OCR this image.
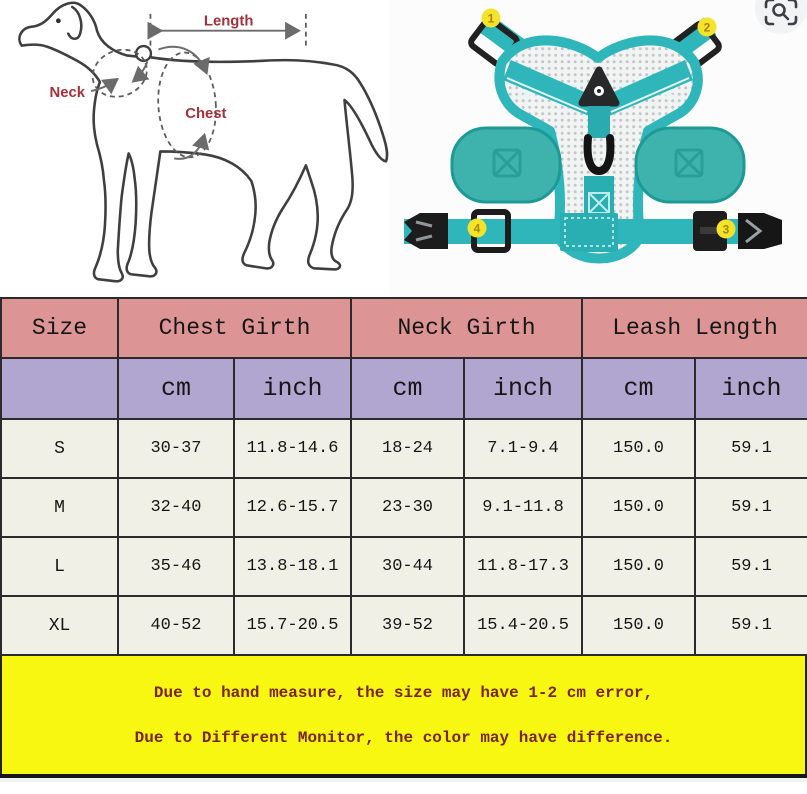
Length
Neck
Chest
1
2
3
4
Size	Chest Girth		Neck Girth		Leash Length	
	cm	inch	cm	inch	cm	inch
S	30-37	11.8-14.6	18-24	7.1-9.4	150.0	59.1
M	32-40	12.6-15.7	23-30	9.1-11.8	150.0	59.1
L	35-46	13.8-18.1	30-44	11.8-17.3	150.0	59.1
XL	40-52	15.7-20.5	39-52	15.4-20.5	150.0	59.1
Due to hand measure, the size may have 1-2 cm error,
Due to Different Monitor, the color may have difference.
